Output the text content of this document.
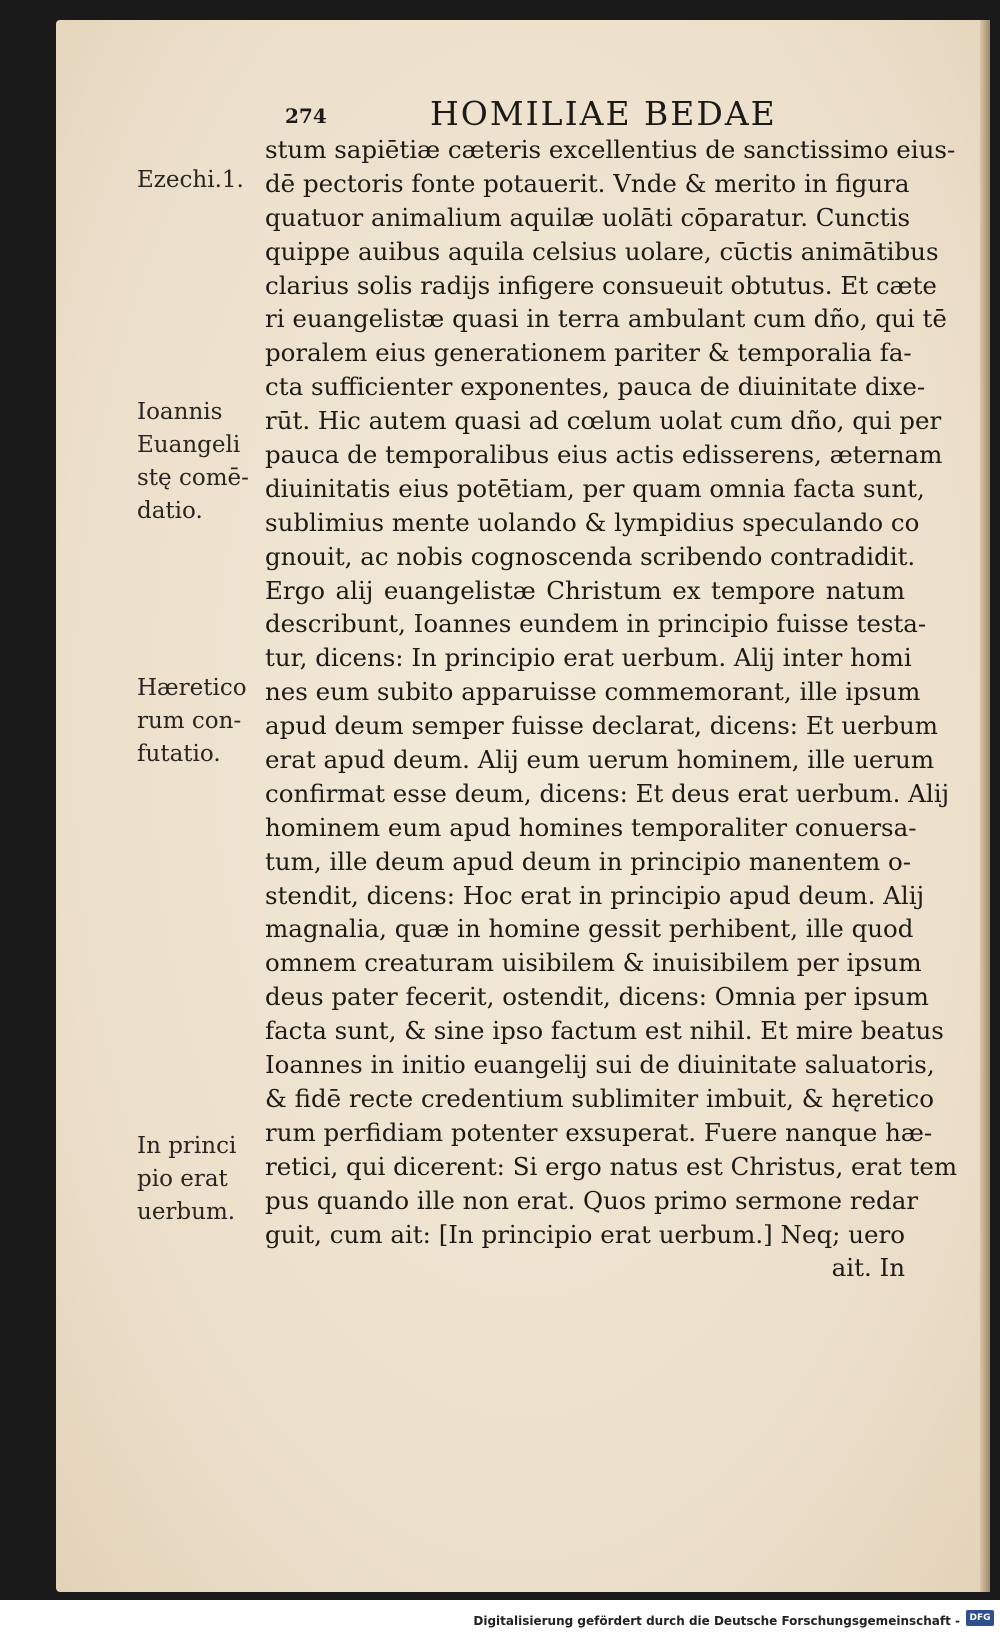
274	HOMILIAE BEDAE
Ezechi.1.
Ioannis
Euangeli
stę comē-
datio.
Hæretico
rum con-
futatio.
In princi
pio erat
uerbum.
stum sapiētiæ cæteris excellentius de sanctissimo eius-
dē pectoris fonte potauerit. Vnde & merito in figura
quatuor animalium aquilæ uolāti cōparatur. Cunctis
quippe auibus aquila celsius uolare, cūctis animātibus
clarius solis radijs infigere consueuit obtutus. Et cæte
ri euangelistæ quasi in terra ambulant cum dño, qui tē
poralem eius generationem pariter & temporalia fa-
cta sufficienter exponentes, pauca de diuinitate dixe-
rūt. Hic autem quasi ad cœlum uolat cum dño, qui per
pauca de temporalibus eius actis edisserens, æternam
diuinitatis eius potētiam, per quam omnia facta sunt,
sublimius mente uolando & lympidius speculando co
gnouit, ac nobis cognoscenda scribendo contradidit.
Ergo alij euangelistæ Christum ex tempore natum
describunt, Ioannes eundem in principio fuisse testa-
tur, dicens: In principio erat uerbum. Alij inter homi
nes eum subito apparuisse commemorant, ille ipsum
apud deum semper fuisse declarat, dicens: Et uerbum
erat apud deum. Alij eum uerum hominem, ille uerum
confirmat esse deum, dicens: Et deus erat uerbum. Alij
hominem eum apud homines temporaliter conuersa-
tum, ille deum apud deum in principio manentem o-
stendit, dicens: Hoc erat in principio apud deum. Alij
magnalia, quæ in homine gessit perhibent, ille quod
omnem creaturam uisibilem & inuisibilem per ipsum
deus pater fecerit, ostendit, dicens: Omnia per ipsum
facta sunt, & sine ipso factum est nihil. Et mire beatus
Ioannes in initio euangelij sui de diuinitate saluatoris,
& fidē recte credentium sublimiter imbuit, & hęretico
rum perfidiam potenter exsuperat. Fuere nanque hæ-
retici, qui dicerent: Si ergo natus est Christus, erat tem
pus quando ille non erat. Quos primo sermone redar
guit, cum ait: [In principio erat uerbum.] Neq; uero
ait. In
Digitalisierung gefördert durch die Deutsche Forschungsgemeinschaft -	DFG
